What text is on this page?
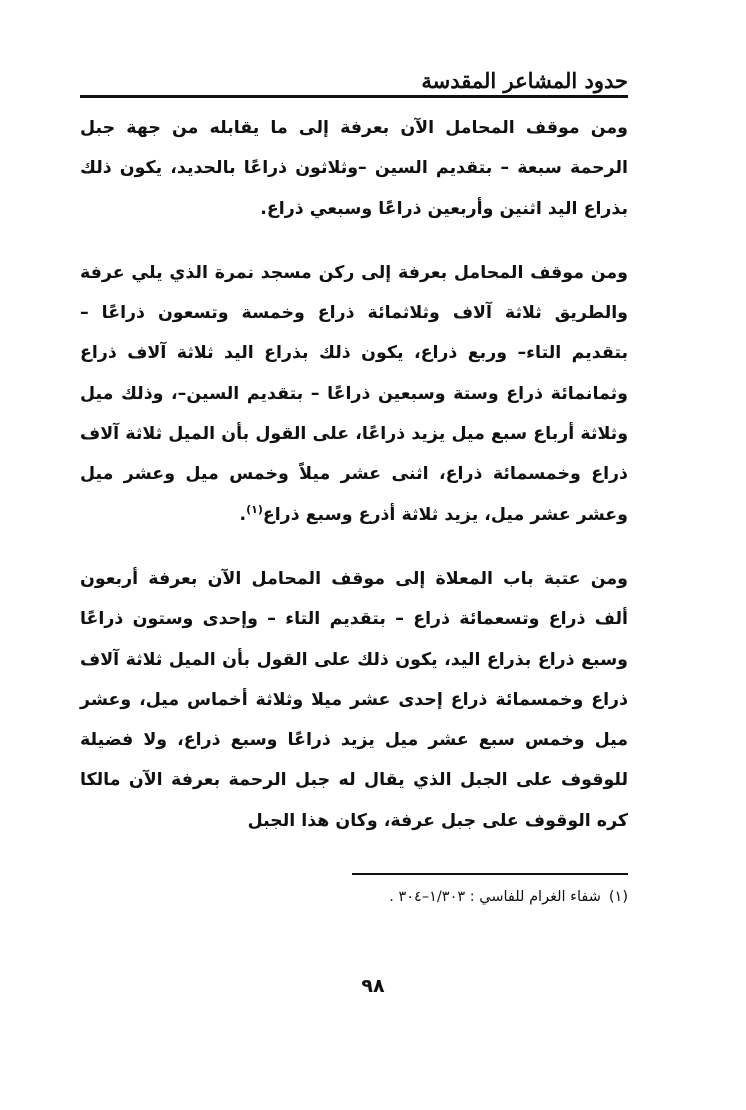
حدود المشاعر المقدسة

ومن موقف المحامل الآن بعرفة إلى ما يقابله من جهة جبل الرحمة سبعة – بتقديم السين –وثلاثون ذراعًا بالحديد، يكون ذلك بذراع اليد اثنين وأربعين ذراعًا وسبعي ذراع.

ومن موقف المحامل بعرفة إلى ركن مسجد نمرة الذي يلي عرفة والطريق ثلاثة آلاف وثلاثمائة ذراع وخمسة وتسعون ذراعًا –بتقديم التاء– وربع ذراع، يكون ذلك بذراع اليد ثلاثة آلاف ذراع وثمانمائة ذراع وستة وسبعين ذراعًا – بتقديم السين–، وذلك ميل وثلاثة أرباع سبع ميل يزيد ذراعًا، على القول بأن الميل ثلاثة آلاف ذراع وخمسمائة ذراع، اثنى عشر ميلاً وخمس ميل وعشر ميل وعشر عشر ميل، يزيد ثلاثة أذرع وسبع ذراع$^{(١)}$.

ومن عتبة باب المعلاة إلى موقف المحامل الآن بعرفة أربعون ألف ذراع وتسعمائة ذراع – بتقديم التاء – وإحدى وستون ذراعًا وسبع ذراع بذراع اليد، يكون ذلك على القول بأن الميل ثلاثة آلاف ذراع وخمسمائة ذراع إحدى عشر ميلا وثلاثة أخماس ميل، وعشر ميل وخمس سبع عشر ميل يزيد ذراعًا وسبع ذراع، ولا فضيلة للوقوف على الجبل الذي يقال له جبل الرحمة بعرفة الآن مالكا كره الوقوف على جبل عرفة، وكان هذا الجبل

(١)شفاء الغرام للفاسي : ١/٣٠٣–٣٠٤ .
٩٨
